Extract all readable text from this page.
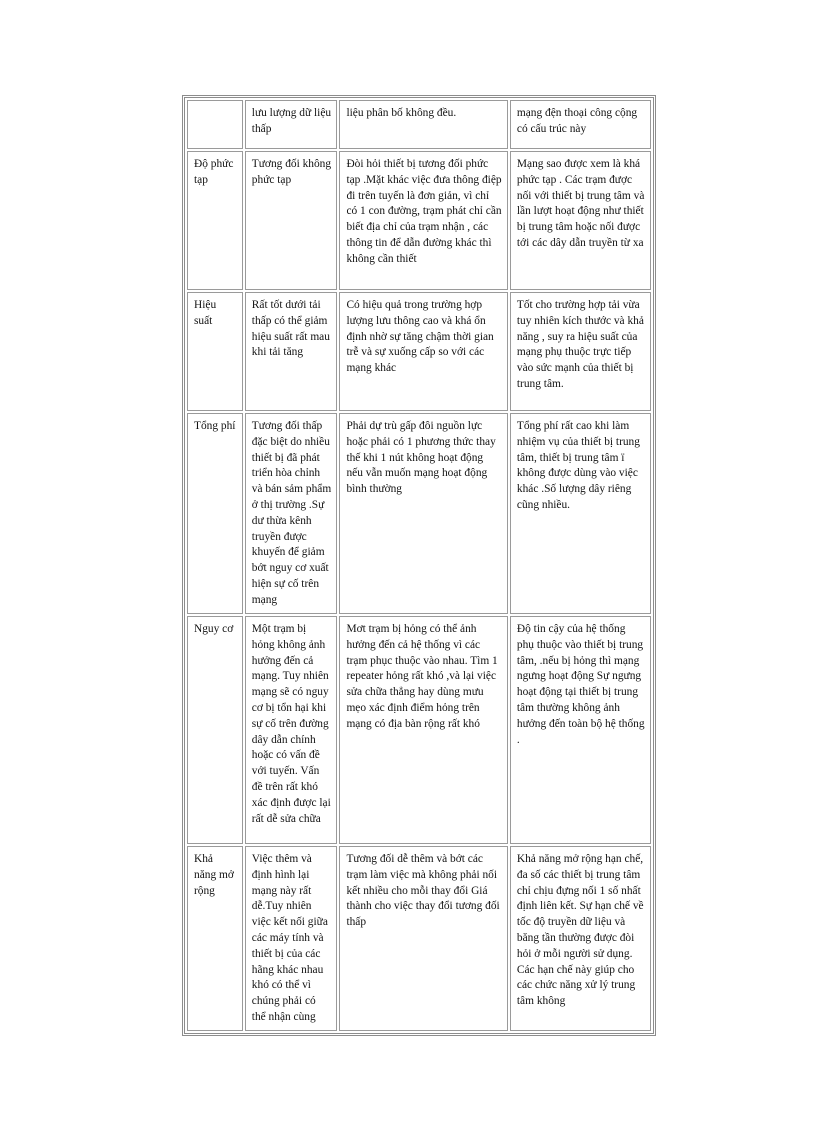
	lưu lượng dữ liệu thấp	liệu phân bố không đều.	mạng đện thoại công cộng có cấu trúc này
Độ phức tạp	Tương đối không phức tạp	Đòi hỏi thiết bị tương đối phức tạp .Mặt khác việc đưa thông điệp đi trên tuyến là đơn giản, vì chỉ có 1 con đường, trạm phát chỉ cần biết địa chỉ của trạm nhận , các thông tin để dẫn đường khác thì không cần thiết	Mạng sao được xem là khá phức tạp . Các trạm được nối với thiết bị trung tâm và lần lượt hoạt động như thiết bị trung tâm hoặc nối được tới các dây dẫn truyền từ xa
Hiệu suất	Rất tốt dưới tải thấp có thể giảm hiệu suất rất mau khi tải tăng	Có hiệu quả trong trường hợp lượng lưu thông cao và khá ổn định nhờ sự tăng chậm thời gian trễ và sự xuống cấp so với các mạng khác	Tốt cho trường hợp tải vừa tuy nhiên kích thước và khả năng , suy ra hiệu suất của mạng phụ thuộc trực tiếp vào sức mạnh của thiết bị trung tâm.
Tổng phí	Tương đối thấp đặc biệt do nhiều thiết bị đã phát triển hòa chỉnh và bán sảm phẩm ở thị trường .Sự dư thừa kênh truyền được khuyến để giảm bớt nguy cơ xuất hiện sự cố trên mạng	Phải dự trù gấp đôi nguồn lực hoặc phải có 1 phương thức thay thế khi 1 nút không hoạt động nếu vẫn muốn mạng hoạt động bình thường	Tổng phí rất cao khi làm nhiệm vụ của thiết bị trung tâm, thiết bị trung tâm ï không được dùng vào việc khác .Số lượng dây riêng cũng nhiều.
Nguy cơ	Một trạm bị hỏng không ảnh hưởng đến cả mạng. Tuy nhiên mạng sẽ có nguy cơ bị tổn hại khi sự cố trên đường dây dẫn chính hoặc có vấn đề với tuyến. Vấn đề trên rất khó xác định được lại rất dễ sửa chữa	Mơt trạm bị hỏng có thể ảnh hưởng đến cả hệ thống vì các trạm phục thuộc vào nhau. Tìm 1 repeater hỏng rất khó ,và lại việc sửa chữa thẳng hay dùng mưu mẹo xác định điểm hỏng trên mạng có địa bàn rộng rất khó	Độ tin cậy của hệ thống phụ thuộc vào thiết bị trung tâm, .nếu bị hỏng thì mạng ngưng hoạt động Sự ngưng hoạt động tại thiết bị trung tâm thường không ảnh hưởng đến toàn bộ hệ thống .
Khả năng mở rộng	Việc thêm và định hình lại mạng này rất dễ.Tuy nhiên việc kết nối giữa các máy tính và thiết bị của các hãng khác nhau khó có thể vì chúng phải có thể nhận cùng	Tương đối dễ thêm và bớt các trạm làm việc mà không phải nối kết nhiều cho mỗi thay đổi Giá thành cho việc thay đổi tương đối thấp	Khả năng mở rộng hạn chế, đa số các thiết bị trung tâm chỉ chịu đựng nối 1 số nhất định liên kết. Sự hạn chế về tốc độ truyền dữ liệu và băng tần thường được đòi hỏi ở mỗi người sử dụng. Các hạn chế này giúp cho các chức năng xử lý trung tâm không
